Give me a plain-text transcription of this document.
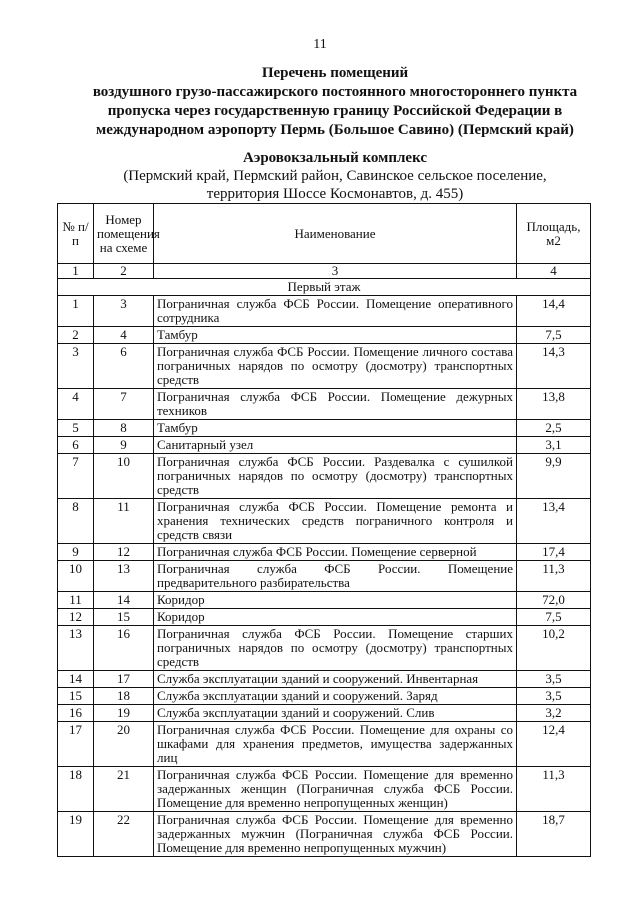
11
Перечень помещений
воздушного грузо-пассажирского постоянного многостороннего пункта
пропуска через государственную границу Российской Федерации в
международном аэропорту Пермь (Большое Савино) (Пермский край)
Аэровокзальный комплекс
(Пермский край, Пермский район, Савинское сельское поселение,
территория Шоссе Космонавтов, д. 455)
№ п/п	Номер помещения на схеме	Наименование	Площадь, м2
1	2	3	4
Первый этаж			
1	3	Пограничная служба ФСБ России. Помещение оперативного сотрудника	14,4
2	4	Тамбур	7,5
3	6	Пограничная служба ФСБ России. Помещение личного состава пограничных нарядов по осмотру (досмотру) транспортных средств	14,3
4	7	Пограничная служба ФСБ России. Помещение дежурных техников	13,8
5	8	Тамбур	2,5
6	9	Санитарный узел	3,1
7	10	Пограничная служба ФСБ России. Раздевалка с сушилкой пограничных нарядов по осмотру (досмотру) транспортных средств	9,9
8	11	Пограничная служба ФСБ России. Помещение ремонта и хранения технических средств пограничного контроля и средств связи	13,4
9	12	Пограничная служба ФСБ России. Помещение серверной	17,4
10	13	Пограничная служба ФСБ России. Помещение предварительного разбирательства	11,3
11	14	Коридор	72,0
12	15	Коридор	7,5
13	16	Пограничная служба ФСБ России. Помещение старших пограничных нарядов по осмотру (досмотру) транспортных средств	10,2
14	17	Служба эксплуатации зданий и сооружений. Инвентарная	3,5
15	18	Служба эксплуатации зданий и сооружений. Заряд	3,5
16	19	Служба эксплуатации зданий и сооружений. Слив	3,2
17	20	Пограничная служба ФСБ России. Помещение для охраны со шкафами для хранения предметов, имущества задержанных лиц	12,4
18	21	Пограничная служба ФСБ России. Помещение для временно задержанных женщин (Пограничная служба ФСБ России. Помещение для временно непропущенных женщин)	11,3
19	22	Пограничная служба ФСБ России. Помещение для временно задержанных мужчин (Пограничная служба ФСБ России. Помещение для временно непропущенных мужчин)	18,7
